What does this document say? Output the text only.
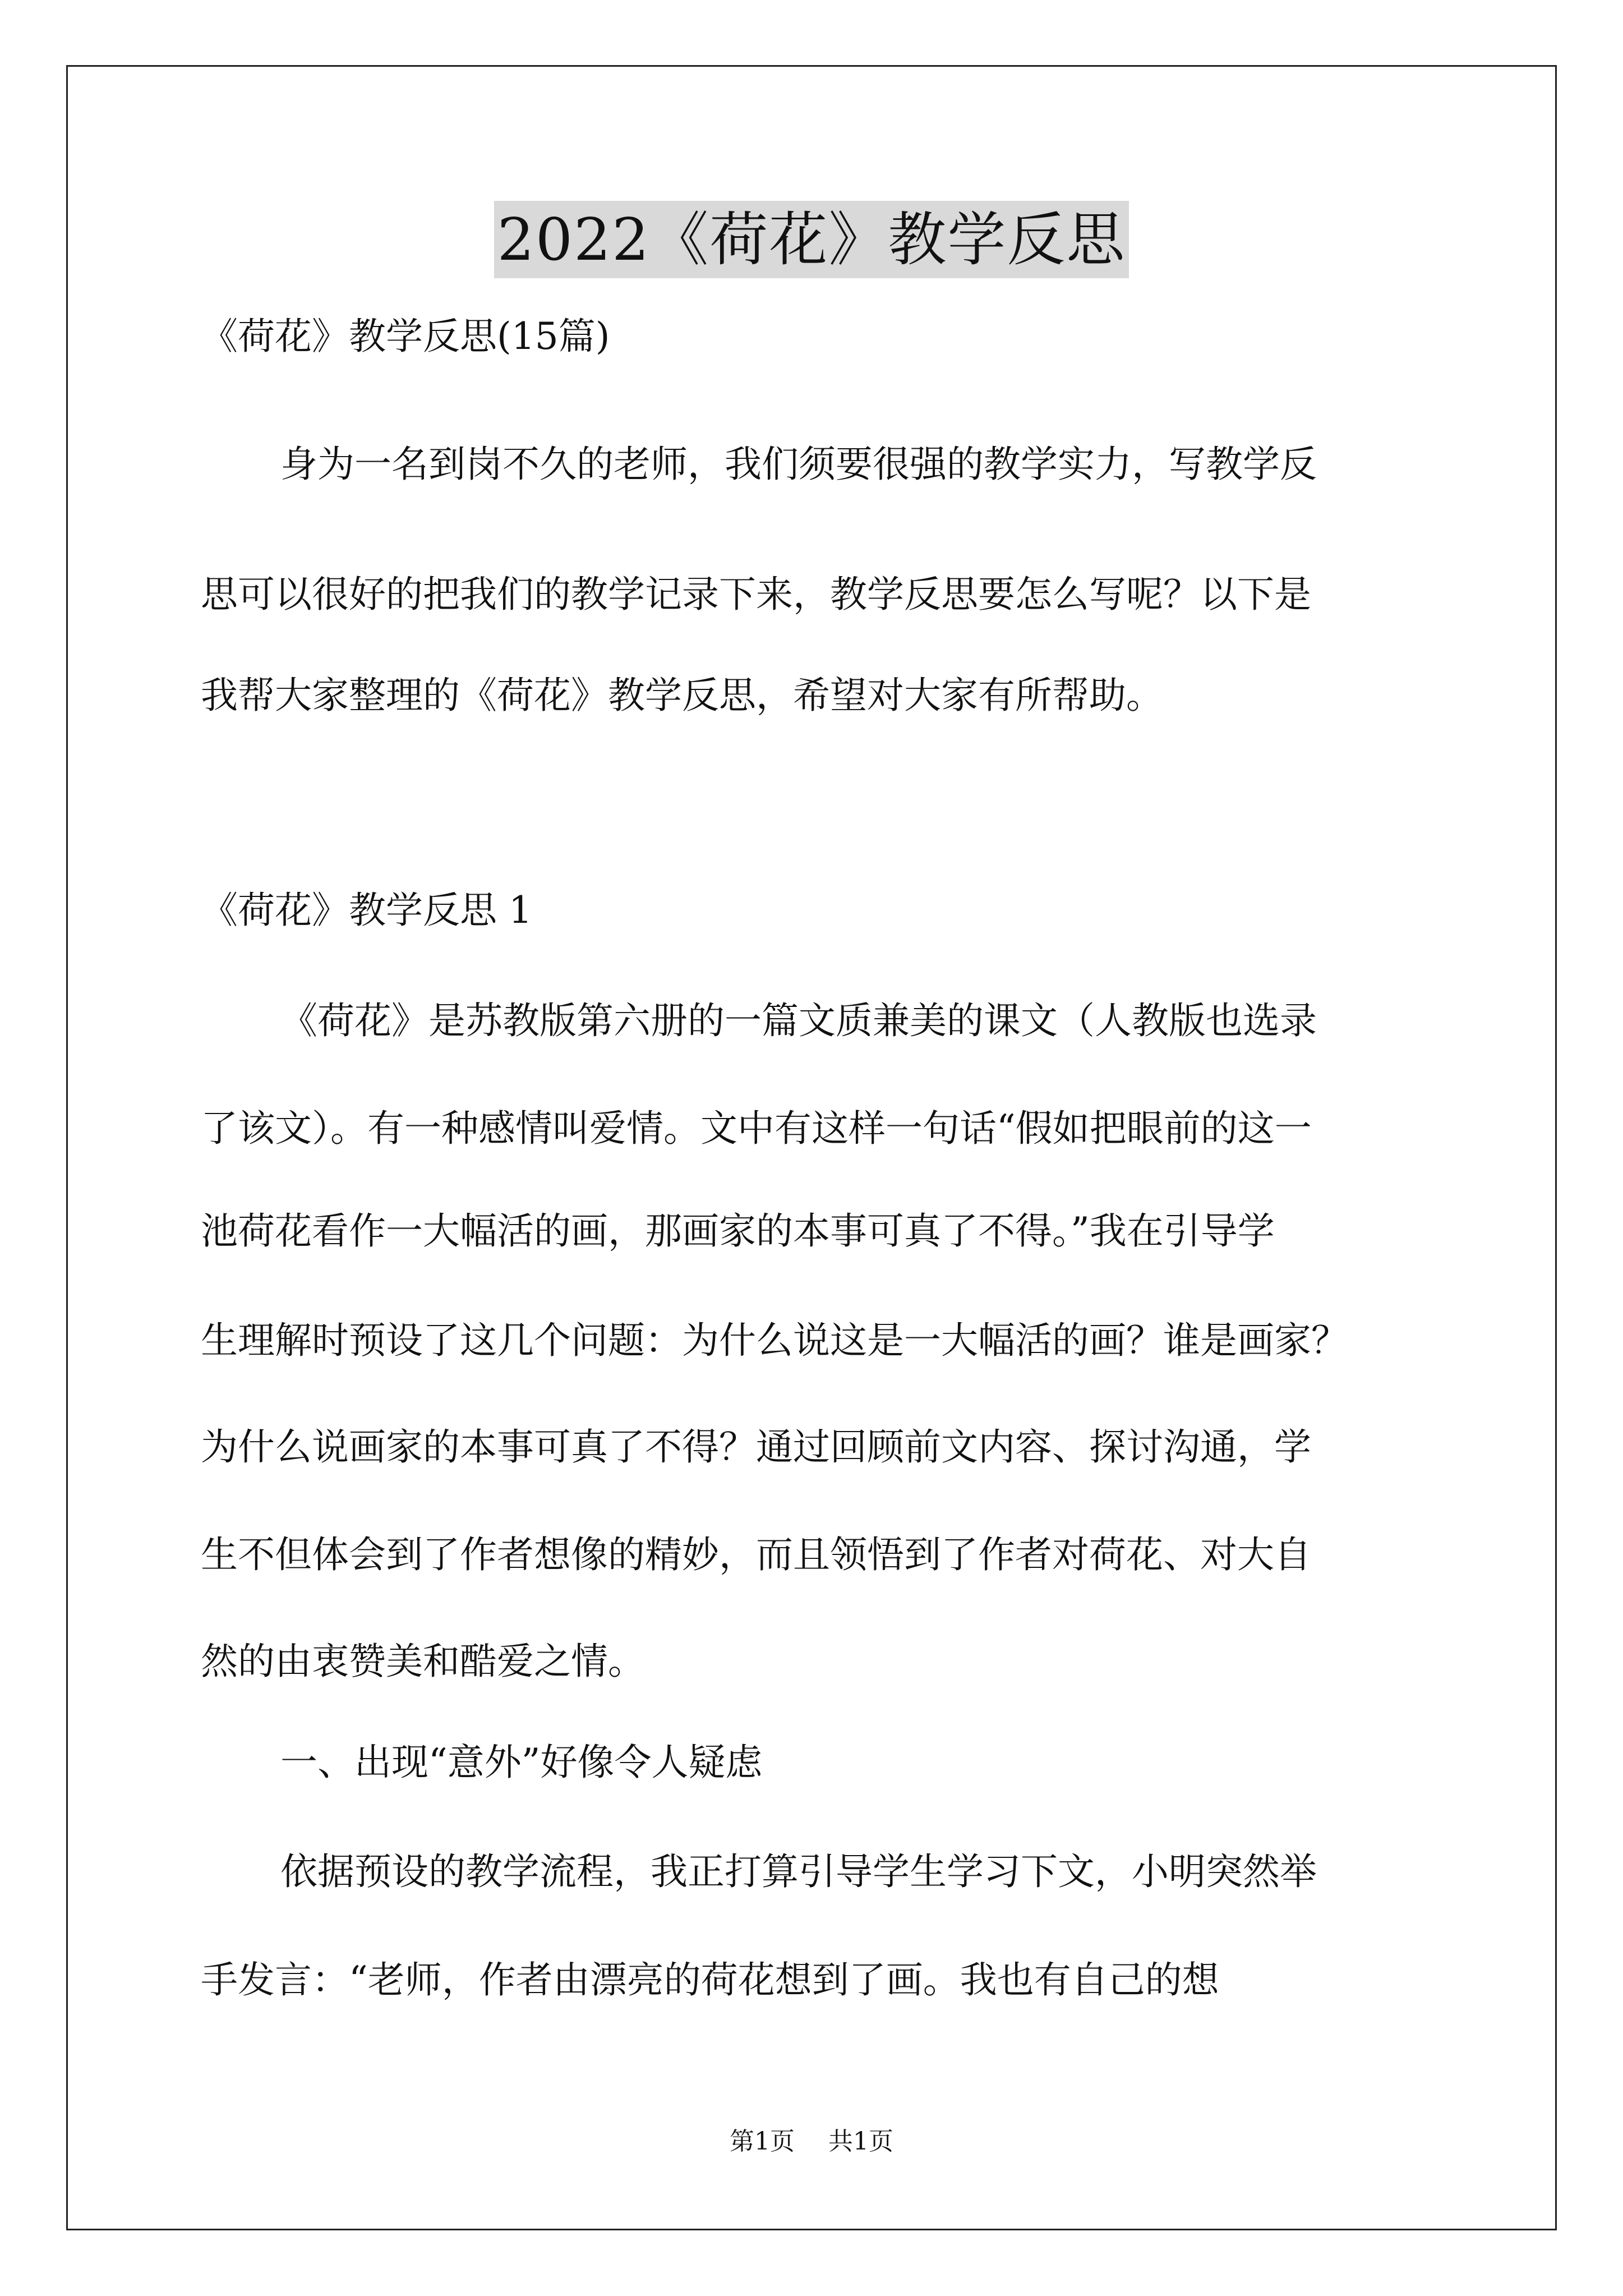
2022《荷花》教学反思
《荷花》教学反思(15篇)
身为一名到岗不久的老师，我们须要很强的教学实力，写教学反
思可以很好的把我们的教学记录下来，教学反思要怎么写呢？以下是
我帮大家整理的《荷花》教学反思，希望对大家有所帮助。
《荷花》教学反思 1
《荷花》是苏教版第六册的一篇文质兼美的课文（人教版也选录
了该文）。有一种感情叫爱情。文中有这样一句话“假如把眼前的这一
池荷花看作一大幅活的画，那画家的本事可真了不得。”我在引导学
生理解时预设了这几个问题：为什么说这是一大幅活的画？谁是画家？
为什么说画家的本事可真了不得？通过回顾前文内容、探讨沟通，学
生不但体会到了作者想像的精妙，而且领悟到了作者对荷花、对大自
然的由衷赞美和酷爱之情。
一、出现“意外”好像令人疑虑
依据预设的教学流程，我正打算引导学生学习下文，小明突然举
手发言：“老师，作者由漂亮的荷花想到了画。我也有自己的想
第1页 共1页
